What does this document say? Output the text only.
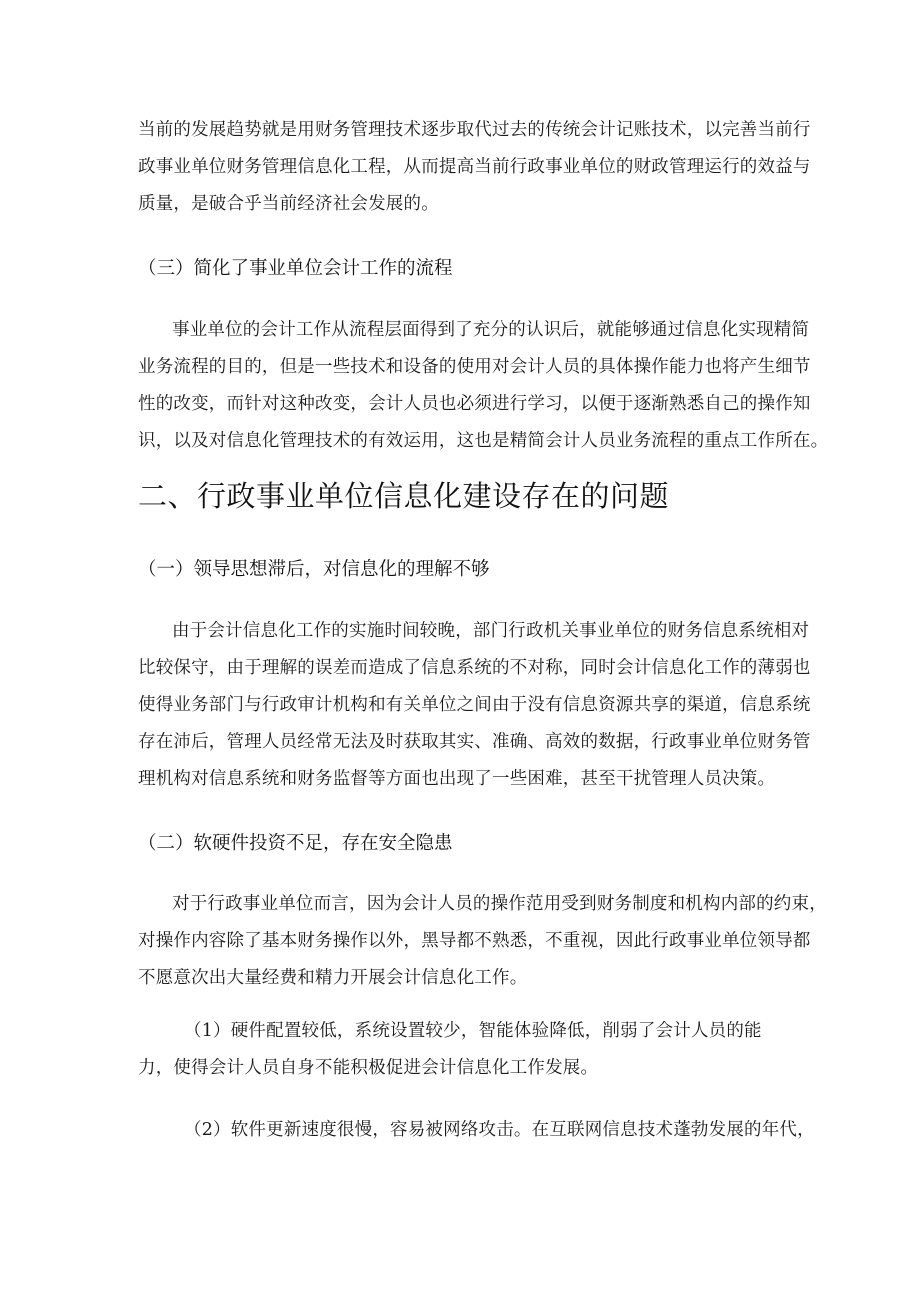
当前的发展趋势就是用财务管理技术逐步取代过去的传统会计记账技术，以完善当前行
政事业单位财务管理信息化工程，从而提高当前行政事业单位的财政管理运行的效益与
质量，是破合乎当前经济社会发展的。
（三）简化了事业单位会计工作的流程
事业单位的会计工作从流程层面得到了充分的认识后，就能够通过信息化实现精简
业务流程的目的，但是一些技术和设备的使用对会计人员的具体操作能力也将产生细节
性的改变，而针对这种改变，会计人员也必须进行学习，以便于逐渐熟悉自己的操作知
识，以及对信息化管理技术的有效运用，这也是精简会计人员业务流程的重点工作所在。
二、行政事业单位信息化建设存在的问题
（一）领导思想滞后，对信息化的理解不够
由于会计信息化工作的实施时间较晚，部门行政机关事业单位的财务信息系统相对
比较保守，由于理解的误差而造成了信息系统的不对称，同时会计信息化工作的薄弱也
使得业务部门与行政审计机构和有关单位之间由于没有信息资源共享的渠道，信息系统
存在沛后，管理人员经常无法及时获取其实、准确、高效的数据，行政事业单位财务管
理机构对信息系统和财务监督等方面也出现了一些困难，甚至干扰管理人员决策。
（二）软硬件投资不足，存在安全隐患
对于行政事业单位而言，因为会计人员的操作范用受到财务制度和机构内部的约束，
对操作内容除了基本财务操作以外，黑导都不熟悉，不重视，因此行政事业单位领导都
不愿意次出大量经费和精力开展会计信息化工作。
（1）硬件配置较低，系统设置较少，智能体验降低，削弱了会计人员的能
力，使得会计人员自身不能积极促进会计信息化工作发展。
（2）软件更新速度很慢，容易被网络攻击。在互联网信息技术蓬勃发展的年代，
